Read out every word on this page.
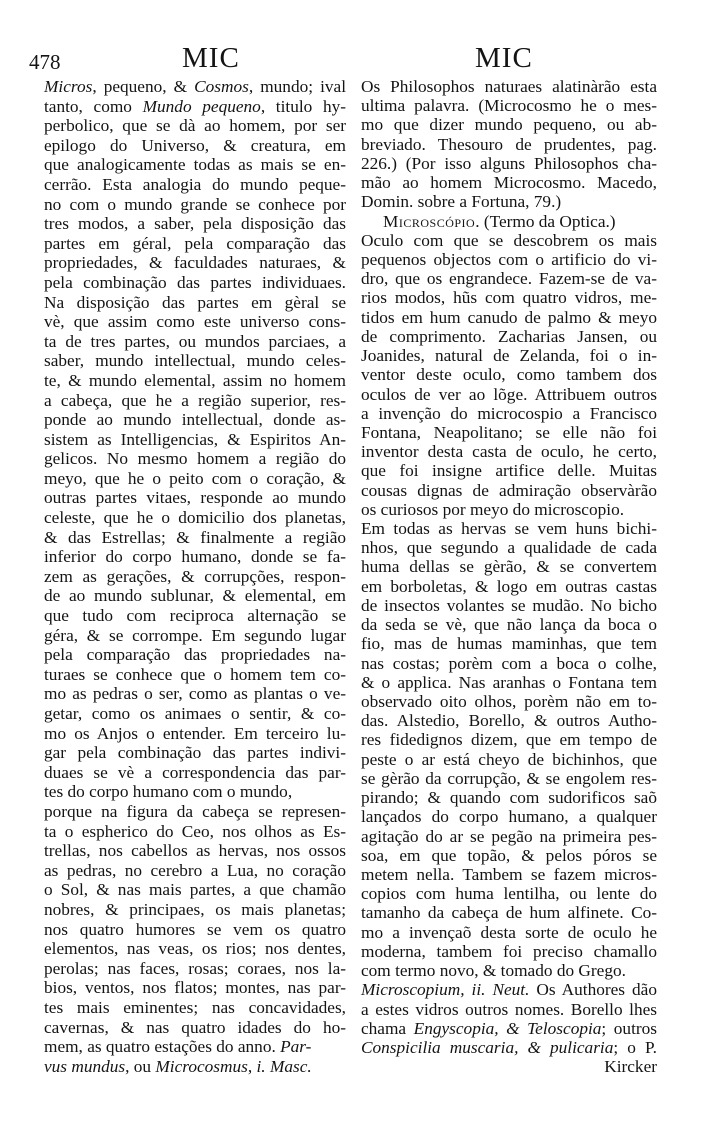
478	MIC	MIC
Micros, pequeno, & Cosmos, mundo; ival
tanto, como Mundo pequeno, titulo hy-
perbolico, que se dà ao homem, por ser
epilogo do Universo, & creatura, em
que analogicamente todas as mais se en-
cerrão. Esta analogia do mundo peque-
no com o mundo grande se conhece por
tres modos, a saber, pela disposição das
partes em géral, pela comparação das
propriedades, & faculdades naturaes, &
pela combinação das partes individuaes.
Na disposição das partes em gèral se
vè, que assim como este universo cons-
ta de tres partes, ou mundos parciaes, a
saber, mundo intellectual, mundo celes-
te, & mundo elemental, assim no homem
a cabeça, que he a região superior, res-
ponde ao mundo intellectual, donde as-
sistem as Intelligencias, & Espiritos An-
gelicos. No mesmo homem a região do
meyo, que he o peito com o coração, &
outras partes vitaes, responde ao mundo
celeste, que he o domicilio dos planetas,
& das Estrellas; & finalmente a região
inferior do corpo humano, donde se fa-
zem as gerações, & corrupções, respon-
de ao mundo sublunar, & elemental, em
que tudo com reciproca alternação se
géra, & se corrompe. Em segundo lugar
pela comparação das propriedades na-
turaes se conhece que o homem tem co-
mo as pedras o ser, como as plantas o ve-
getar, como os animaes o sentir, & co-
mo os Anjos o entender. Em terceiro lu-
gar pela combinação das partes indivi-
duaes se vè a correspondencia das par-
tes do corpo humano com o mundo,
porque na figura da cabeça se represen-
ta o espherico do Ceo, nos olhos as Es-
trellas, nos cabellos as hervas, nos ossos
as pedras, no cerebro a Lua, no coração
o Sol, & nas mais partes, a que chamão
nobres, & principaes, os mais planetas;
nos quatro humores se vem os quatro
elementos, nas veas, os rios; nos dentes,
perolas; nas faces, rosas; coraes, nos la-
bios, ventos, nos flatos; montes, nas par-
tes mais eminentes; nas concavidades,
cavernas, & nas quatro idades do ho-
mem, as quatro estações do anno. Par-
vus mundus, ou Microcosmus, i. Masc.
Os Philosophos naturaes alatinàrão esta
ultima palavra. (Microcosmo he o mes-
mo que dizer mundo pequeno, ou ab-
breviado. Thesouro de prudentes, pag.
226.) (Por isso alguns Philosophos cha-
mão ao homem Microcosmo. Macedo,
Domin. sobre a Fortuna, 79.)
Microscópio. (Termo da Optica.)
Oculo com que se descobrem os mais
pequenos objectos com o artificio do vi-
dro, que os engrandece. Fazem-se de va-
rios modos, hũs com quatro vidros, me-
tidos em hum canudo de palmo & meyo
de comprimento. Zacharias Jansen, ou
Joanides, natural de Zelanda, foi o in-
ventor deste oculo, como tambem dos
oculos de ver ao lõge. Attribuem outros
a invenção do microcospio a Francisco
Fontana, Neapolitano; se elle não foi
inventor desta casta de oculo, he certo,
que foi insigne artifice delle. Muitas
cousas dignas de admiração observàrão
os curiosos por meyo do microscopio.
Em todas as hervas se vem huns bichi-
nhos, que segundo a qualidade de cada
huma dellas se gèrão, & se convertem
em borboletas, & logo em outras castas
de insectos volantes se mudão. No bicho
da seda se vè, que não lança da boca o
fio, mas de humas maminhas, que tem
nas costas; porèm com a boca o colhe,
& o applica. Nas aranhas o Fontana tem
observado oito olhos, porèm não em to-
das. Alstedio, Borello, & outros Autho-
res fidedignos dizem, que em tempo de
peste o ar está cheyo de bichinhos, que
se gèrão da corrupção, & se engolem res-
pirando; & quando com sudorificos saõ
lançados do corpo humano, a qualquer
agitação do ar se pegão na primeira pes-
soa, em que topão, & pelos póros se
metem nella. Tambem se fazem micros-
copios com huma lentilha, ou lente do
tamanho da cabeça de hum alfinete. Co-
mo a invençaõ desta sorte de oculo he
moderna, tambem foi preciso chamallo
com termo novo, & tomado do Grego.
Microscopium, ii. Neut. Os Authores dão
a estes vidros outros nomes. Borello lhes
chama Engyscopia, & Teloscopia; outros
Conspicilia muscaria, & pulicaria; o P.
Kircker
